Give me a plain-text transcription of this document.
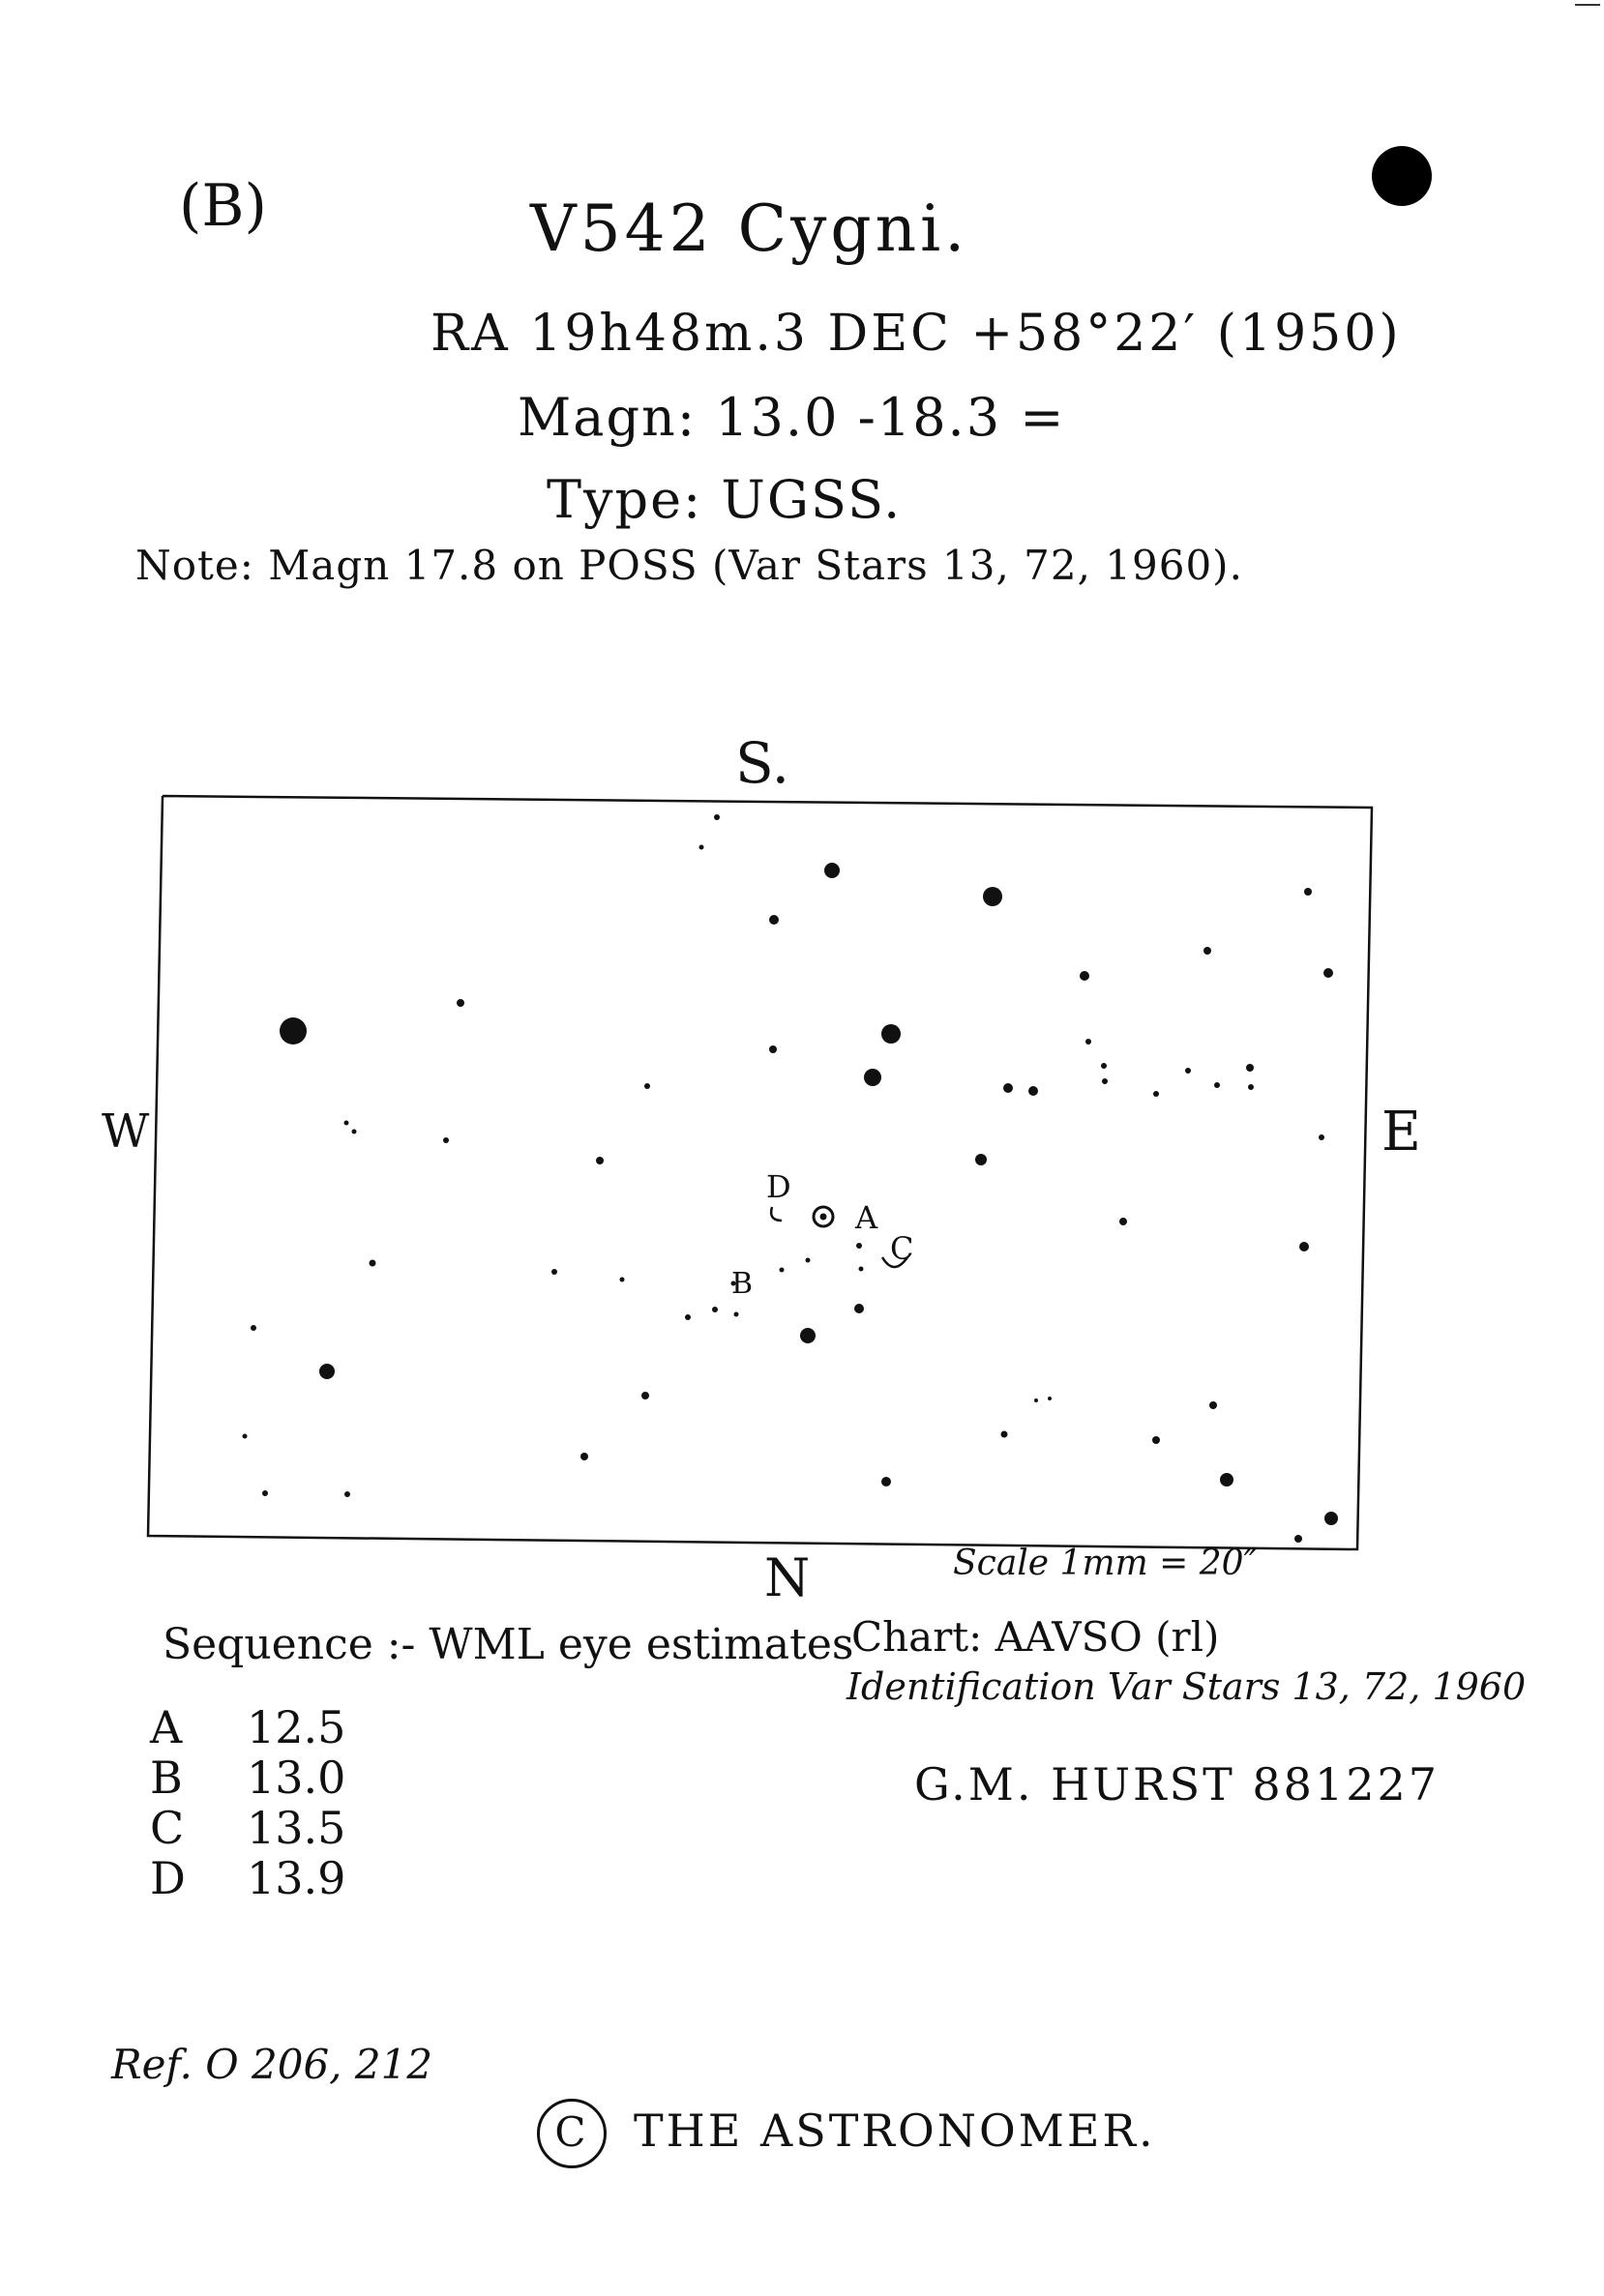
(B)	V542 Cygni.
RA 19h48m.3 DEC +58°22′ (1950)
Magn: 13.0 -18.3 =
Type: UGSS.
Note: Magn 17.8 on POSS (Var Stars 13, 72, 1960).
S.
W	E
N	Scale 1mm = 20″
D
A
B
C
Sequence :- WML eye estimates
A 12.5
B 13.0
C 13.5
D 13.9
Chart: AAVSO (rl)
Identification Var Stars 13, 72, 1960
G.M. HURST 881227
Ref. O 206, 212
C THE ASTRONOMER.
